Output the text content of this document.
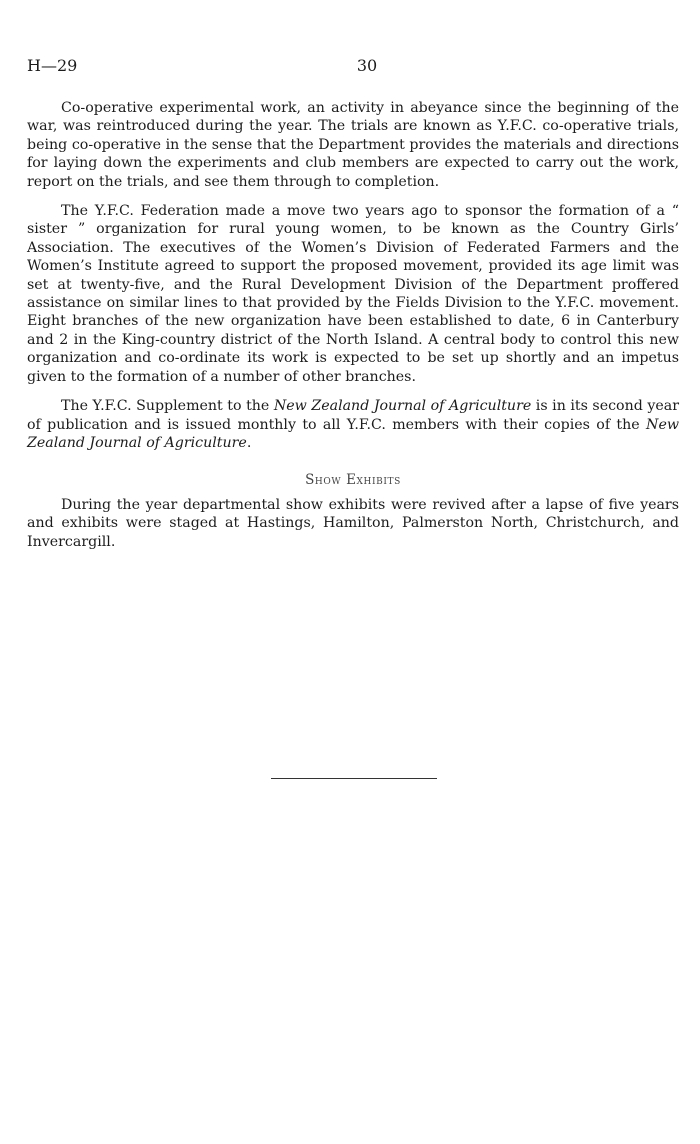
H—29	30

Co-operative experimental work, an activity in abeyance since the beginning of the war, was reintroduced during the year. The trials are known as Y.F.C. co-operative trials, being co-operative in the sense that the Department provides the materials and directions for laying down the experiments and club members are expected to carry out the work, report on the trials, and see them through to completion.

The Y.F.C. Federation made a move two years ago to sponsor the formation of a “ sister ” organization for rural young women, to be known as the Country Girls’ Association. The executives of the Women’s Division of Federated Farmers and the Women’s Institute agreed to support the proposed movement, provided its age limit was set at twenty-five, and the Rural Development Division of the Department proffered assistance on similar lines to that provided by the Fields Division to the Y.F.C. movement. Eight branches of the new organization have been established to date, 6 in Canterbury and 2 in the King-country district of the North Island. A central body to control this new organization and co-ordinate its work is expected to be set up shortly and an impetus given to the formation of a number of other branches.

The Y.F.C. Supplement to the New Zealand Journal of Agriculture is in its second year of publication and is issued monthly to all Y.F.C. members with their copies of the New Zealand Journal of Agriculture.

Show Exhibits

During the year departmental show exhibits were revived after a lapse of five years and exhibits were staged at Hastings, Hamilton, Palmerston North, Christchurch, and Invercargill.
